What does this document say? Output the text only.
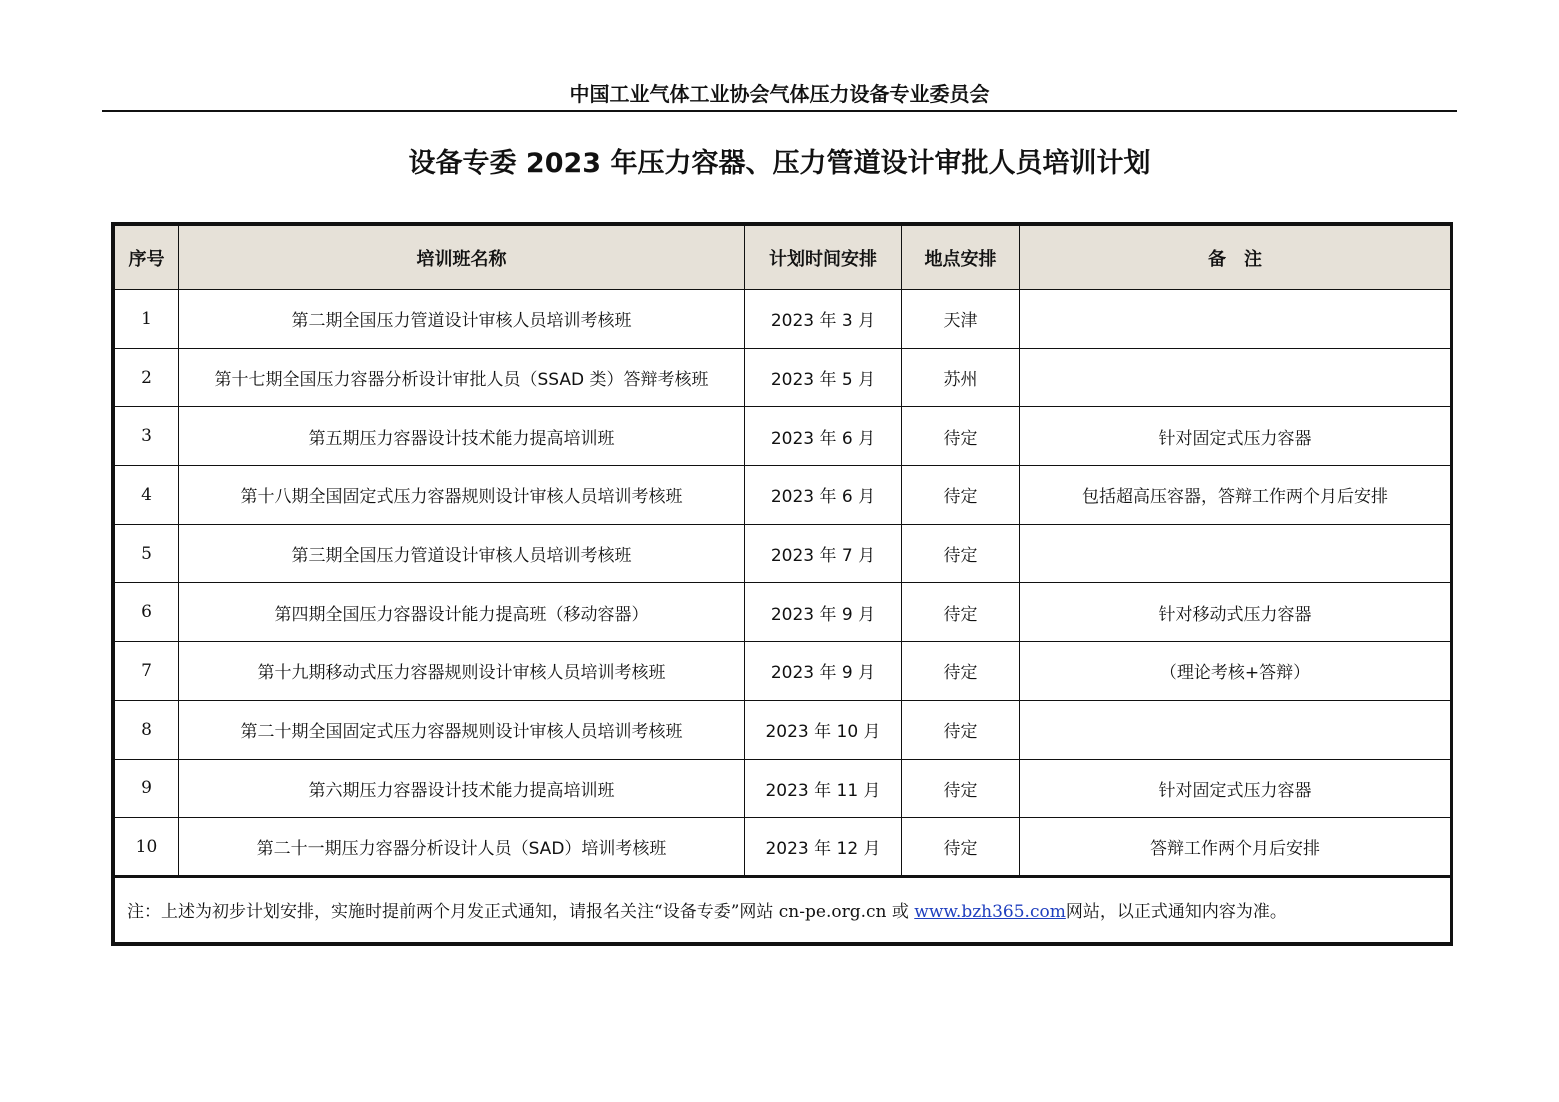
中国工业气体工业协会气体压力设备专业委员会
设备专委 2023 年压力容器、压力管道设计审批人员培训计划
序号	培训班名称	计划时间安排	地点安排	备　注
1	第二期全国压力管道设计审核人员培训考核班	2023 年 3 月	天津	
2	第十七期全国压力容器分析设计审批人员（SSAD 类）答辩考核班	2023 年 5 月	苏州	
3	第五期压力容器设计技术能力提高培训班	2023 年 6 月	待定	针对固定式压力容器
4	第十八期全国固定式压力容器规则设计审核人员培训考核班	2023 年 6 月	待定	包括超高压容器，答辩工作两个月后安排
5	第三期全国压力管道设计审核人员培训考核班	2023 年 7 月	待定	
6	第四期全国压力容器设计能力提高班（移动容器）	2023 年 9 月	待定	针对移动式压力容器
7	第十九期移动式压力容器规则设计审核人员培训考核班	2023 年 9 月	待定	（理论考核+答辩）
8	第二十期全国固定式压力容器规则设计审核人员培训考核班	2023 年 10 月	待定	
9	第六期压力容器设计技术能力提高培训班	2023 年 11 月	待定	针对固定式压力容器
10	第二十一期压力容器分析设计人员（SAD）培训考核班	2023 年 12 月	待定	答辩工作两个月后安排
注：上述为初步计划安排，实施时提前两个月发正式通知，请报名关注“设备专委”网站 cn-pe.org.cn 或 www.bzh365.com网站，以正式通知内容为准。				
